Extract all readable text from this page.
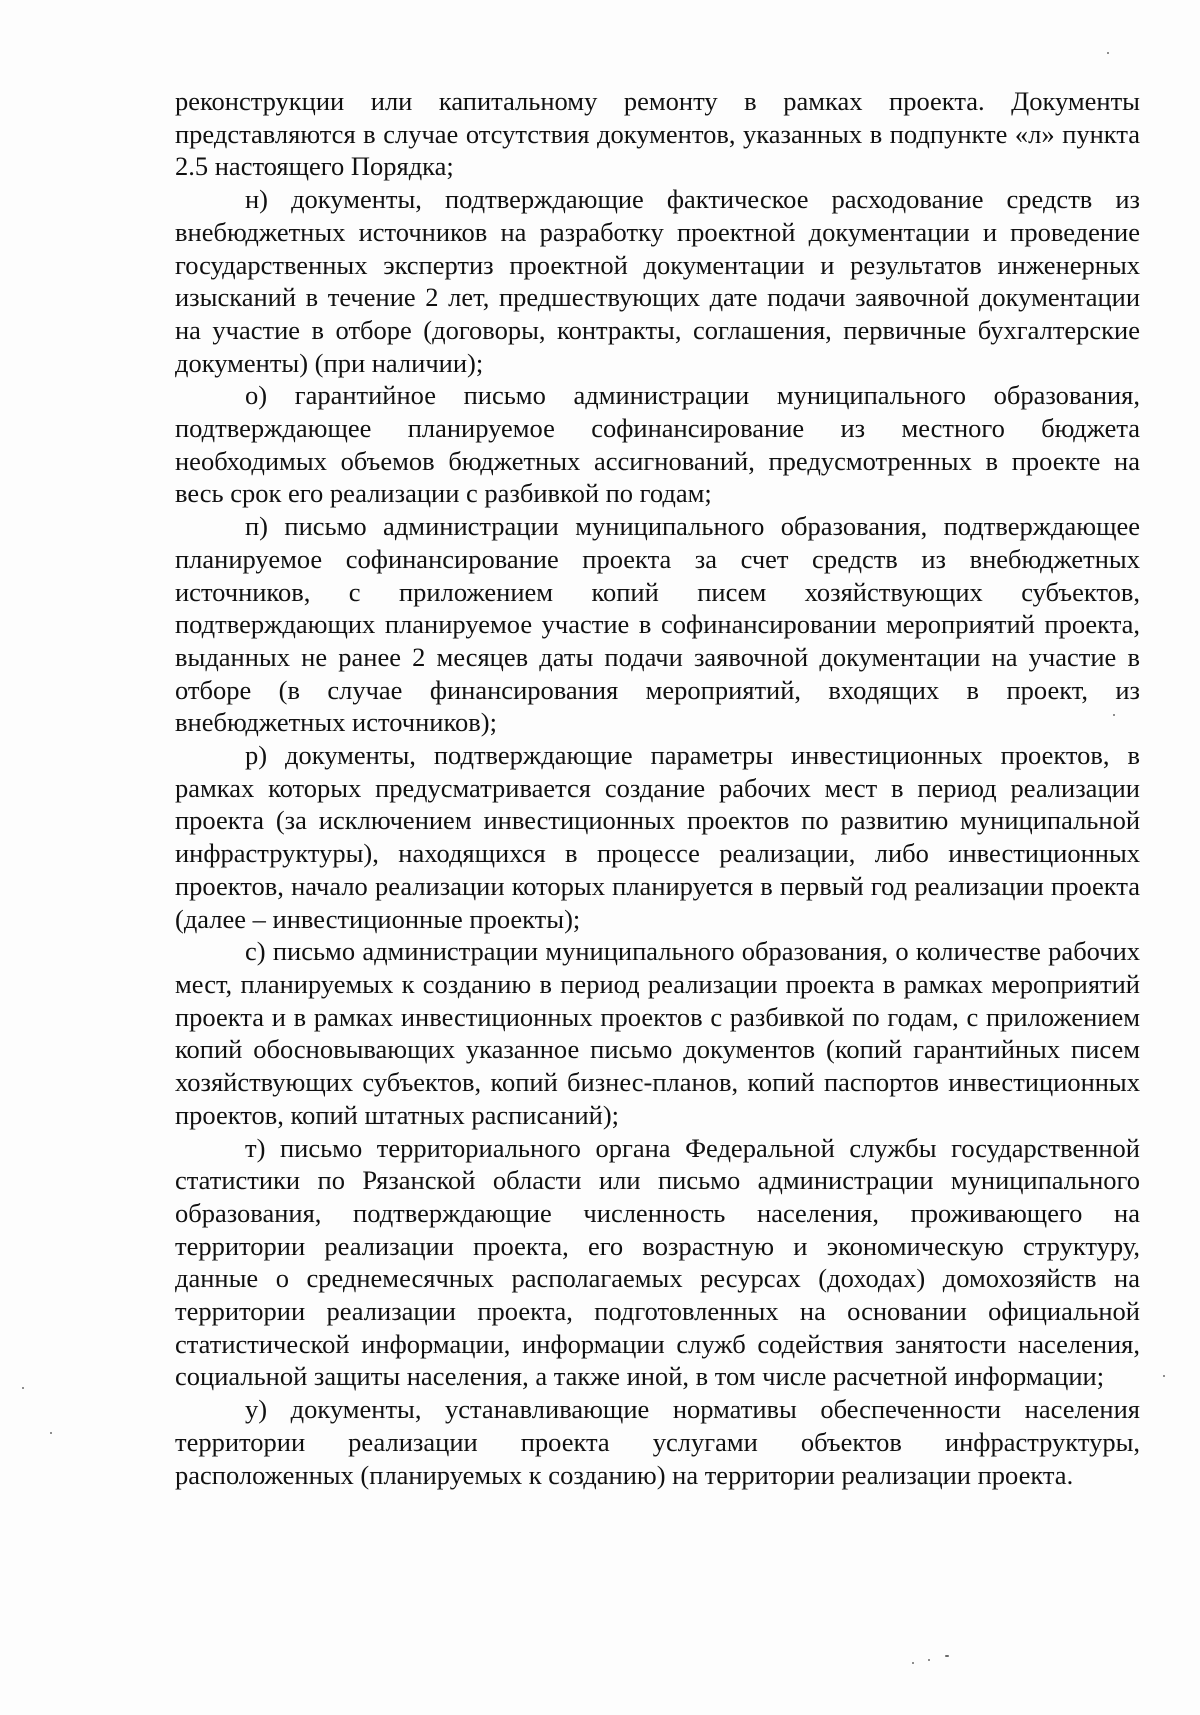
реконструкции или капитальному ремонту в рамках проекта. Документы представляются в случае отсутствия документов, указанных в подпункте «л» пункта 2.5 настоящего Порядка;

н) документы, подтверждающие фактическое расходование средств из внебюджетных источников на разработку проектной документации и проведение государственных экспертиз проектной документации и результатов инженерных изысканий в течение 2 лет, предшествующих дате подачи заявочной документации на участие в отборе (договоры, контракты, соглашения, первичные бухгалтерские документы) (при наличии);

о) гарантийное письмо администрации муниципального образования, подтверждающее планируемое софинансирование из местного бюджета необходимых объемов бюджетных ассигнований, предусмотренных в проекте на весь срок его реализации с разбивкой по годам;

п) письмо администрации муниципального образования, подтверждающее планируемое софинансирование проекта за счет средств из внебюджетных источников, с приложением копий писем хозяйствующих субъектов, подтверждающих планируемое участие в софинансировании мероприятий проекта, выданных не ранее 2 месяцев даты подачи заявочной документации на участие в отборе (в случае финансирования мероприятий, входящих в проект, из внебюджетных источников);

р) документы, подтверждающие параметры инвестиционных проектов, в рамках которых предусматривается создание рабочих мест в период реализации проекта (за исключением инвестиционных проектов по развитию муниципальной инфраструктуры), находящихся в процессе реализации, либо инвестиционных проектов, начало реализации которых планируется в первый год реализации проекта (далее – инвестиционные проекты);

с) письмо администрации муниципального образования, о количестве рабочих мест, планируемых к созданию в период реализации проекта в рамках мероприятий проекта и в рамках инвестиционных проектов с разбивкой по годам, с приложением копий обосновывающих указанное письмо документов (копий гарантийных писем хозяйствующих субъектов, копий бизнес-планов, копий паспортов инвестиционных проектов, копий штатных расписаний);

т) письмо территориального органа Федеральной службы государственной статистики по Рязанской области или письмо администрации муниципального образования, подтверждающие численность населения, проживающего на территории реализации проекта, его возрастную и экономическую структуру, данные о среднемесячных располагаемых ресурсах (доходах) домохозяйств на территории реализации проекта, подготовленных на основании официальной статистической информации, информации служб содействия занятости населения, социальной защиты населения, а также иной, в том числе расчетной информации;

у) документы, устанавливающие нормативы обеспеченности населения территории реализации проекта услугами объектов инфраструктуры, расположенных (планируемых к созданию) на территории реализации проекта.
